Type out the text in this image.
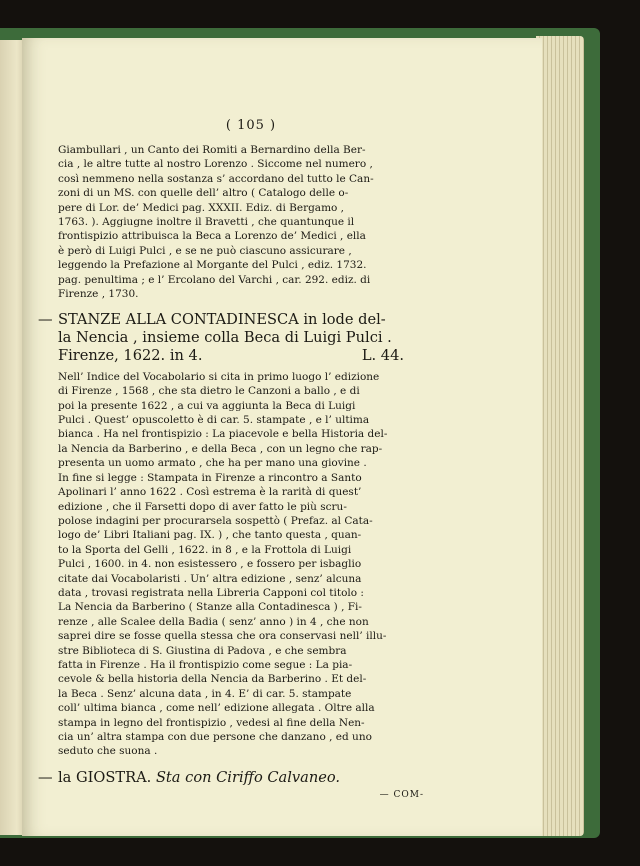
( 105 )
Giambullari , un Canto dei Romiti a Bernardino della Ber-
cia , le altre tutte al nostro Lorenzo . Siccome nel numero ,
così nemmeno nella sostanza s’ accordano del tutto le Can-
zoni di un MS. con quelle dell’ altro ( Catalogo delle o-
pere di Lor. de’ Medici pag. XXXII. Ediz. di Bergamo ,
1763. ). Aggiugne inoltre il Bravetti , che quantunque il
frontispizio attribuisca la Beca a Lorenzo de’ Medici , ella
è però di Luigi Pulci , e se ne può ciascuno assicurare ,
leggendo la Prefazione al Morgante del Pulci , ediz. 1732.
pag. penultima ; e l’ Ercolano del Varchi , car. 292. ediz. di
Firenze , 1730.
— STANZE ALLA CONTADINESCA in lode del-
la Nencia , insieme colla Beca di Luigi Pulci .
Firenze, 1622. in 4.	L. 44.
Nell’ Indice del Vocabolario si cita in primo luogo l’ edizione
di Firenze , 1568 , che sta dietro le Canzoni a ballo , e di
poi la presente 1622 , a cui va aggiunta la Beca di Luigi
Pulci . Quest’ opuscoletto è di car. 5. stampate , e l’ ultima
bianca . Ha nel frontispizio : La piacevole e bella Historia del-
la Nencia da Barberino , e della Beca , con un legno che rap-
presenta un uomo armato , che ha per mano una giovine .
In fine si legge : Stampata in Firenze a rincontro a Santo
Apolinari l’ anno 1622 . Così estrema è la rarità di quest’
edizione , che il Farsetti dopo di aver fatto le più scru-
polose indagini per procurarsela sospettò ( Prefaz. al Cata-
logo de’ Libri Italiani pag. IX. ) , che tanto questa , quan-
to la Sporta del Gelli , 1622. in 8 , e la Frottola di Luigi
Pulci , 1600. in 4. non esistessero , e fossero per isbaglio
citate dai Vocabolaristi . Un’ altra edizione , senz’ alcuna
data , trovasi registrata nella Libreria Capponi col titolo :
La Nencia da Barberino ( Stanze alla Contadinesca ) , Fi-
renze , alle Scalee della Badia ( senz’ anno ) in 4 , che non
saprei dire se fosse quella stessa che ora conservasi nell’ illu-
stre Biblioteca di S. Giustina di Padova , e che sembra
fatta in Firenze . Ha il frontispizio come segue : La pia-
cevole & bella historia della Nencia da Barberino . Et del-
la Beca . Senz’ alcuna data , in 4. E’ di car. 5. stampate
coll’ ultima bianca , come nell’ edizione allegata . Oltre alla
stampa in legno del frontispizio , vedesi al fine della Nen-
cia un’ altra stampa con due persone che danzano , ed uno
seduto che suona .
— la GIOSTRA. Sta con Ciriffo Calvaneo.
— COM-
